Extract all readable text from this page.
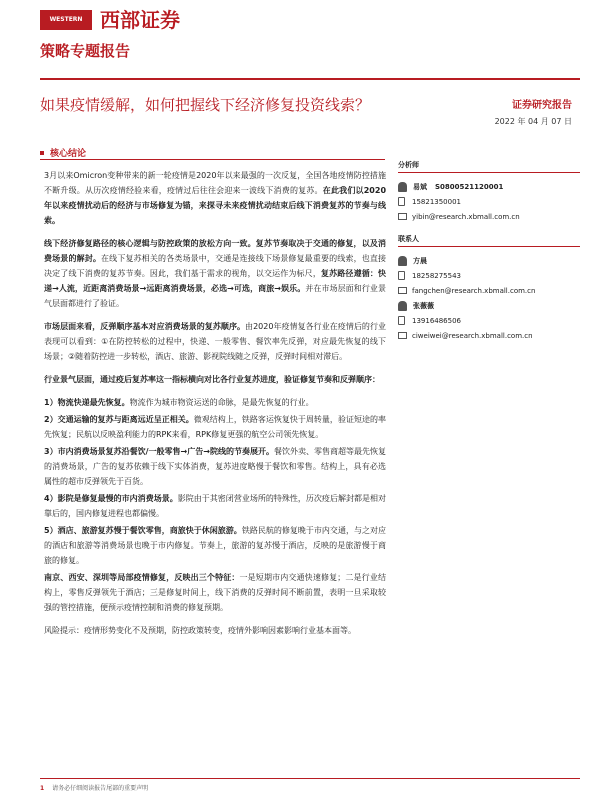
WESTERN 西部证券
策略专题报告
如果疫情缓解，如何把握线下经济修复投资线索？	证券研究报告
2022 年 04 月 07 日
核心结论

3月以来Omicron变种带来的新一轮疫情是2020年以来最强的一次反复，全国各地疫情防控措施不断升级。从历次疫情经验来看，疫情过后往往会迎来一波线下消费的复苏。在此我们以2020年以来疫情扰动后的经济与市场修复为锚，来探寻未来疫情扰动结束后线下消费复苏的节奏与线索。

线下经济修复路径的核心逻辑与防控政策的放松方向一致。复苏节奏取决于交通的修复，以及消费场景的解封。在线下复苏相关的各类场景中，交通是连接线下场景修复最重要的线索，也直接决定了线下消费的复苏节奏。因此，我们基于需求的视角，以交运作为标尺，复苏路径遵循：快递→人流，近距离消费场景→远距离消费场景，必选→可选，商旅→娱乐。并在市场层面和行业景气层面都进行了验证。

市场层面来看，反弹顺序基本对应消费场景的复苏顺序。由2020年疫情复各行业在疫情后的行业表现可以看到：①在防控转松的过程中，快递、一般零售、餐饮率先反弹，对应最先恢复的线下场景；②随着防控进一步转松，酒店、旅游、影视院线随之反弹，反弹时间相对滞后。

行业景气层面，通过疫后复苏率这一指标横向对比各行业复苏进度，验证修复节奏和反弹顺序：

1）物流快递最先恢复。物流作为城市物资运送的命脉，是最先恢复的行业。

2）交通运输的复苏与距离远近呈正相关。微观结构上，铁路客运恢复快于周转量，验证短途的率先恢复；民航以反映盈利能力的RPK来看，RPK修复更强的航空公司领先恢复。

3）市内消费场景复苏沿餐饮/一般零售→广告→院线的节奏展开。餐饮外卖、零售商超等最先恢复的消费场景，广告的复苏依赖于线下实体消费，复苏进度略慢于餐饮和零售。结构上，具有必选属性的超市反弹领先于百货。

4）影院是修复最慢的市内消费场景。影院由于其密闭营业场所的特殊性，历次疫后解封都是相对靠后的，国内修复进程也都偏慢。

5）酒店、旅游复苏慢于餐饮零售，商旅快于休闲旅游。铁路民航的修复晚于市内交通，与之对应的酒店和旅游等消费场景也晚于市内修复。节奏上，旅游的复苏慢于酒店，反映的是旅游慢于商旅的修复。

南京、西安、深圳等局部疫情修复，反映出三个特征：一是短期市内交通快速修复；二是行业结构上，零售反弹领先于酒店；三是修复时间上，线下消费的反弹时间不断前置，表明一旦采取较强的管控措施，便预示疫情控制和消费的修复预期。

风险提示：疫情形势变化不及预期，防控政策转变，疫情外影响因素影响行业基本面等。

分析师
易斌 S0800521120001
15821350001
yibin@research.xbmall.com.cn
联系人
方晨
18258275543
fangchen@research.xbmall.com.cn
张薇薇
13916486506
ciweiwei@research.xbmall.com.cn
1 请务必仔细阅读报告尾部的重要声明
